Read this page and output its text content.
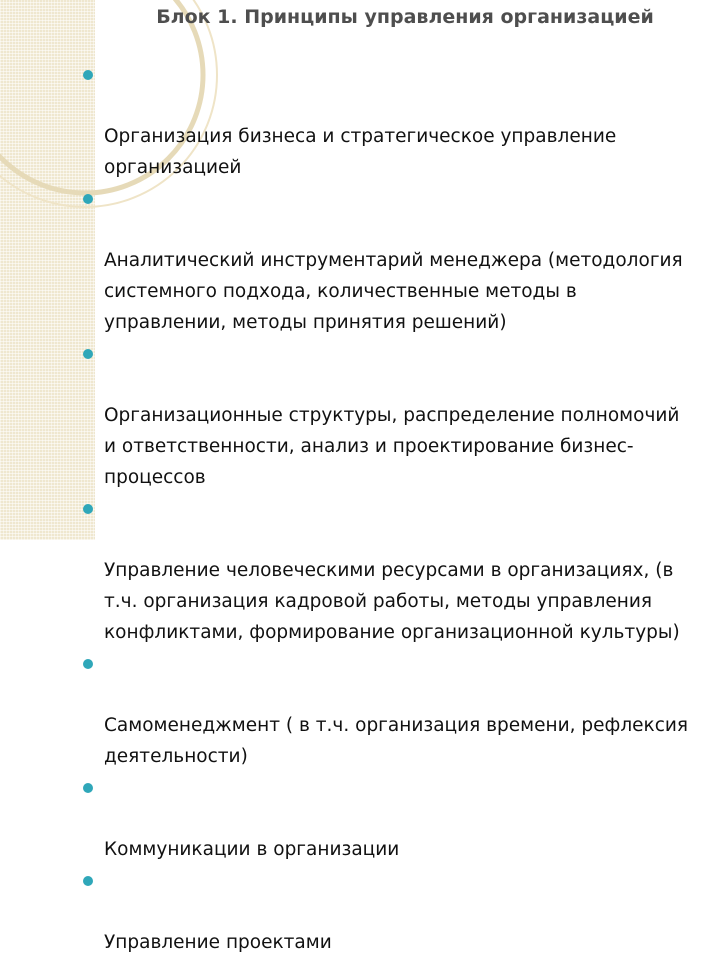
Блок 1. Принципы управления организацией

Организация бизнеса и стратегическое управление
организацией

Аналитический инструментарий менеджера (методология
системного подхода, количественные методы в
управлении, методы принятия решений)

Организационные структуры, распределение полномочий
и ответственности, анализ и проектирование бизнес-
процессов

Управление человеческими ресурсами в организациях, (в
т.ч. организация кадровой работы, методы управления
конфликтами, формирование организационной культуры)

Самоменеджмент ( в т.ч. организация времени, рефлексия
деятельности)

Коммуникации в организации

Управление проектами
